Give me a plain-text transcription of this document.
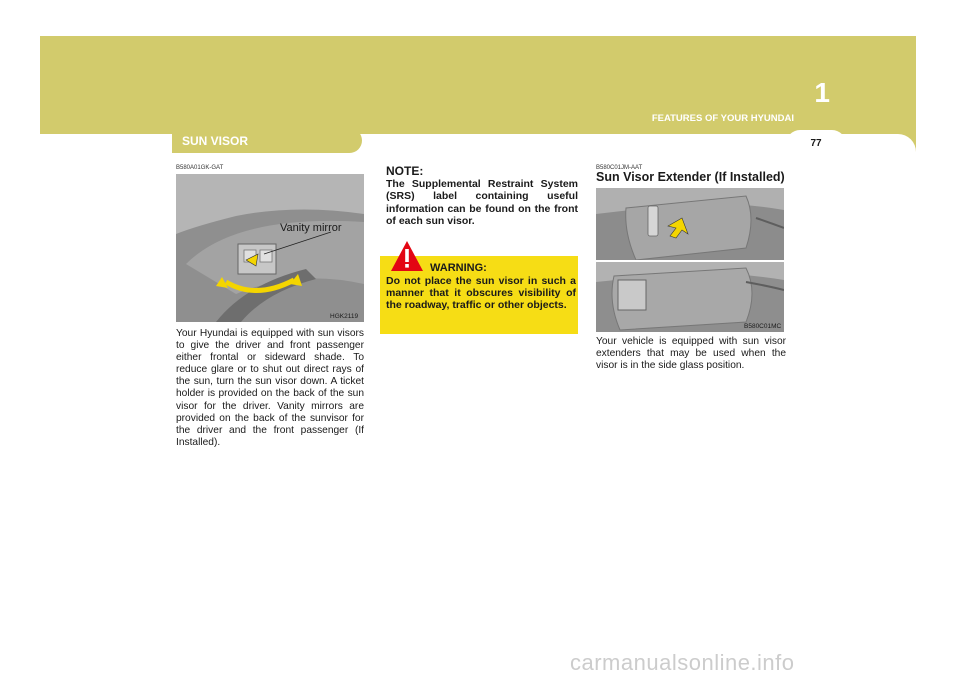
1
FEATURES OF YOUR HYUNDAI
77
SUN VISOR
B580A01GK-GAT
Vanity mirror
HGK2119
Your Hyundai is equipped with sun visors to give the driver and front passenger either frontal or sideward shade. To reduce glare or to shut out direct rays of the sun, turn the sun visor down. A ticket holder is provided on the back of the sun visor for the driver. Vanity mirrors are provided on the back of the sunvisor for the driver and the front passenger (If Installed).
NOTE:
The Supplemental Restraint System (SRS) label containing useful information can be found on the front of each sun visor.
WARNING:
Do not place the sun visor in such a manner that it obscures visibility of the roadway, traffic or other objects.
B580C01JM-AAT
Sun Visor Extender (If Installed)
B580C01MC
Your vehicle is equipped with sun visor extenders that may be used when the visor is in the side glass position.
carmanualsonline.info
